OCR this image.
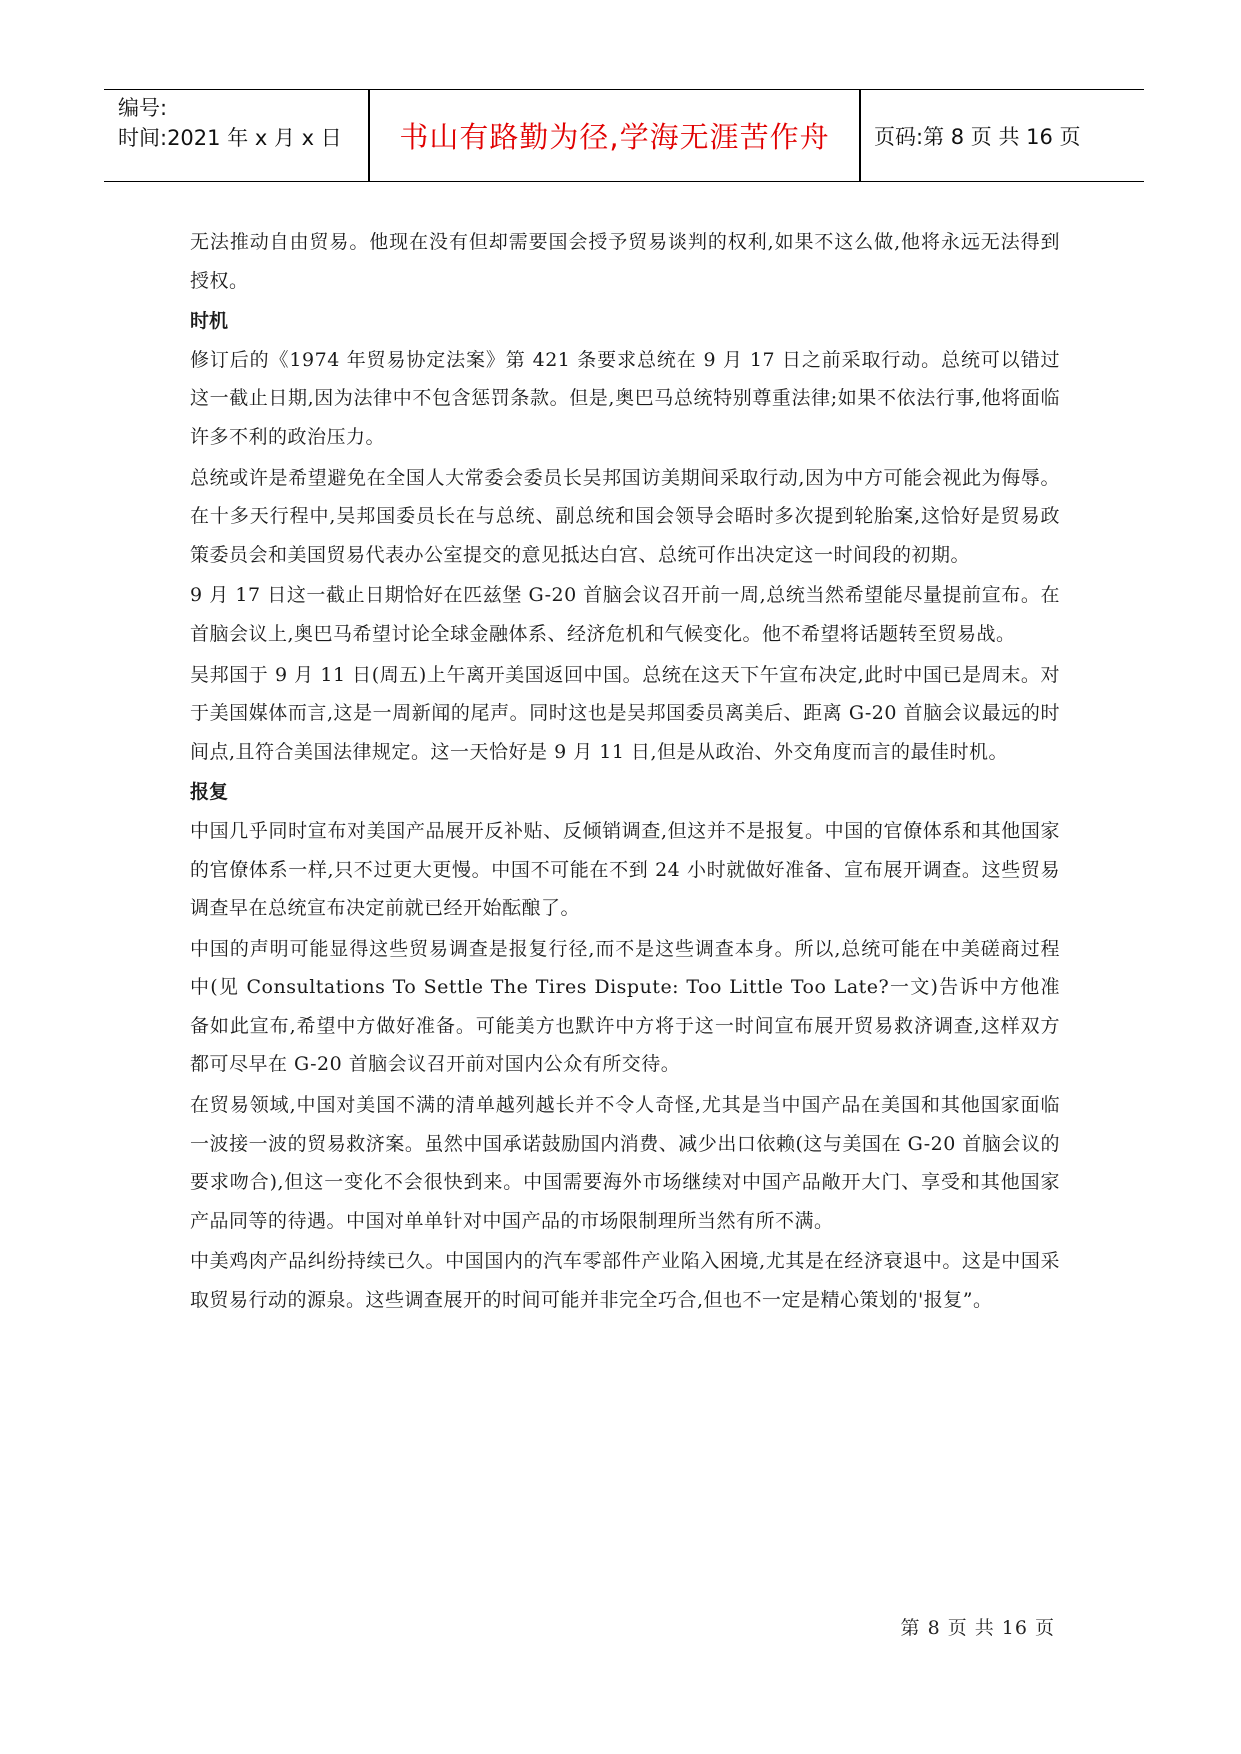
编号:
时间:2021 年 x 月 x 日	书山有路勤为径,学海无涯苦作舟	页码:第 8 页 共 16 页

无法推动自由贸易。他现在没有但却需要国会授予贸易谈判的权利,如果不这么做,他将永远无法得到授权。

时机

修订后的《1974 年贸易协定法案》第 421 条要求总统在 9 月 17 日之前采取行动。总统可以错过这一截止日期,因为法律中不包含惩罚条款。但是,奥巴马总统特别尊重法律;如果不依法行事,他将面临许多不利的政治压力。

总统或许是希望避免在全国人大常委会委员长吴邦国访美期间采取行动,因为中方可能会视此为侮辱。在十多天行程中,吴邦国委员长在与总统、副总统和国会领导会晤时多次提到轮胎案,这恰好是贸易政策委员会和美国贸易代表办公室提交的意见抵达白宫、总统可作出决定这一时间段的初期。

9 月 17 日这一截止日期恰好在匹兹堡 G-20 首脑会议召开前一周,总统当然希望能尽量提前宣布。在首脑会议上,奥巴马希望讨论全球金融体系、经济危机和气候变化。他不希望将话题转至贸易战。

吴邦国于 9 月 11 日(周五)上午离开美国返回中国。总统在这天下午宣布决定,此时中国已是周末。对于美国媒体而言,这是一周新闻的尾声。同时这也是吴邦国委员离美后、距离 G-20 首脑会议最远的时间点,且符合美国法律规定。这一天恰好是 9 月 11 日,但是从政治、外交角度而言的最佳时机。

报复

中国几乎同时宣布对美国产品展开反补贴、反倾销调查,但这并不是报复。中国的官僚体系和其他国家的官僚体系一样,只不过更大更慢。中国不可能在不到 24 小时就做好准备、宣布展开调查。这些贸易调查早在总统宣布决定前就已经开始酝酿了。

中国的声明可能显得这些贸易调查是报复行径,而不是这些调查本身。所以,总统可能在中美磋商过程中(见 Consultations To Settle The Tires Dispute: Too Little Too Late?一文)告诉中方他准备如此宣布,希望中方做好准备。可能美方也默许中方将于这一时间宣布展开贸易救济调查,这样双方都可尽早在 G-20 首脑会议召开前对国内公众有所交待。

在贸易领域,中国对美国不满的清单越列越长并不令人奇怪,尤其是当中国产品在美国和其他国家面临一波接一波的贸易救济案。虽然中国承诺鼓励国内消费、减少出口依赖(这与美国在 G-20 首脑会议的要求吻合),但这一变化不会很快到来。中国需要海外市场继续对中国产品敞开大门、享受和其他国家产品同等的待遇。中国对单单针对中国产品的市场限制理所当然有所不满。

中美鸡肉产品纠纷持续已久。中国国内的汽车零部件产业陷入困境,尤其是在经济衰退中。这是中国采取贸易行动的源泉。这些调查展开的时间可能并非完全巧合,但也不一定是精心策划的'报复”。

第 8 页 共 16 页
